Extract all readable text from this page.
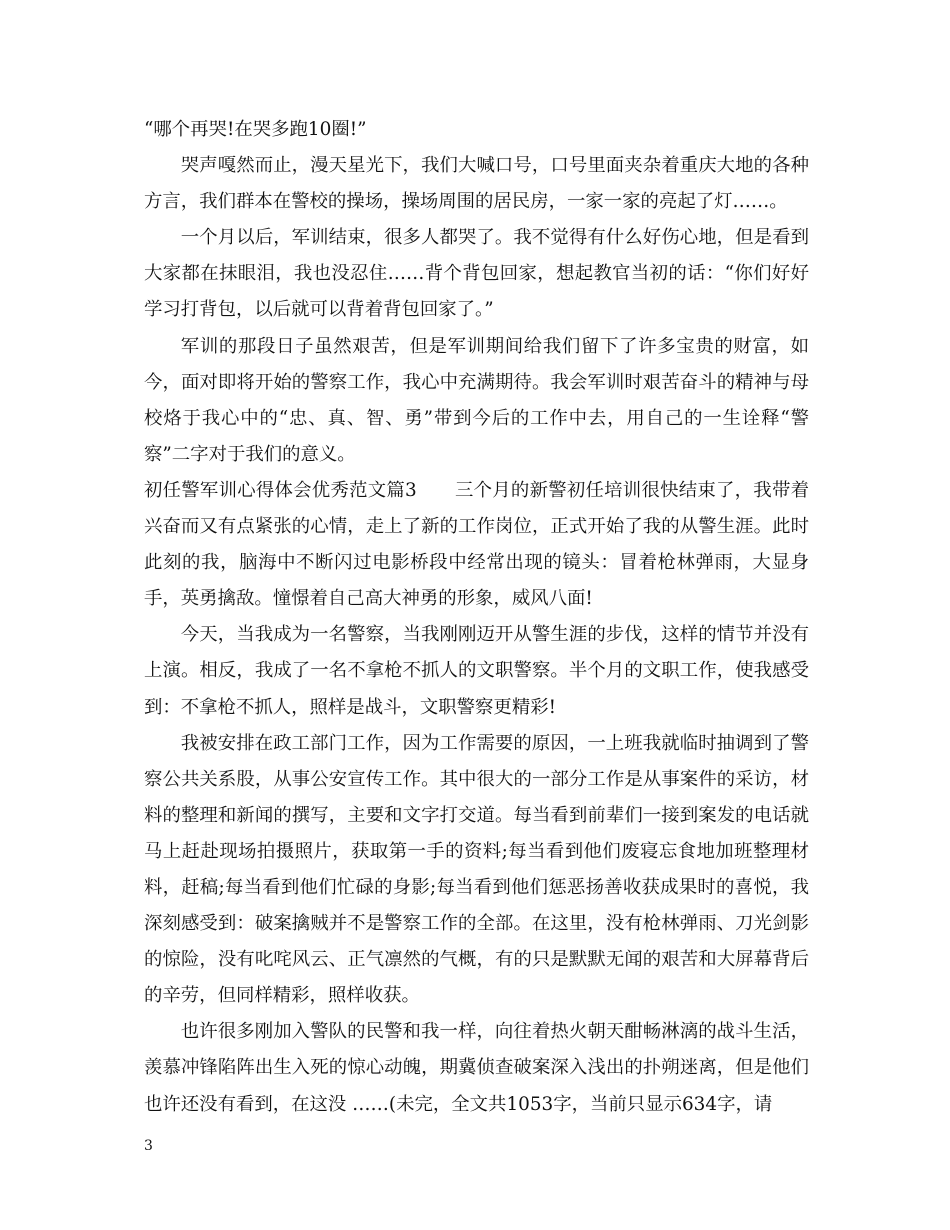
“哪个再哭!在哭多跑10圈!”

哭声嘎然而止，漫天星光下，我们大喊口号，口号里面夹杂着重庆大地的各种方言，我们群本在警校的操场，操场周围的居民房，一家一家的亮起了灯……。

一个月以后，军训结束，很多人都哭了。我不觉得有什么好伤心地，但是看到大家都在抹眼泪，我也没忍住……背个背包回家，想起教官当初的话：“你们好好学习打背包，以后就可以背着背包回家了。”

军训的那段日子虽然艰苦，但是军训期间给我们留下了许多宝贵的财富，如今，面对即将开始的警察工作，我心中充满期待。我会军训时艰苦奋斗的精神与母校烙于我心中的“忠、真、智、勇”带到今后的工作中去，用自己的一生诠释“警察”二字对于我们的意义。

初任警军训心得体会优秀范文篇3 三个月的新警初任培训很快结束了，我带着兴奋而又有点紧张的心情，走上了新的工作岗位，正式开始了我的从警生涯。此时此刻的我，脑海中不断闪过电影桥段中经常出现的镜头：冒着枪林弹雨，大显身手，英勇擒敌。憧憬着自己高大神勇的形象，威风八面!

今天，当我成为一名警察，当我刚刚迈开从警生涯的步伐，这样的情节并没有上演。相反，我成了一名不拿枪不抓人的文职警察。半个月的文职工作，使我感受到：不拿枪不抓人，照样是战斗，文职警察更精彩!

我被安排在政工部门工作，因为工作需要的原因，一上班我就临时抽调到了警察公共关系股，从事公安宣传工作。其中很大的一部分工作是从事案件的采访，材料的整理和新闻的撰写，主要和文字打交道。每当看到前辈们一接到案发的电话就马上赶赴现场拍摄照片，获取第一手的资料;每当看到他们废寝忘食地加班整理材料，赶稿;每当看到他们忙碌的身影;每当看到他们惩恶扬善收获成果时的喜悦，我深刻感受到：破案擒贼并不是警察工作的全部。在这里，没有枪林弹雨、刀光剑影的惊险，没有叱咤风云、正气凛然的气概，有的只是默默无闻的艰苦和大屏幕背后的辛劳，但同样精彩，照样收获。

也许很多刚加入警队的民警和我一样，向往着热火朝天酣畅淋漓的战斗生活，羡慕冲锋陷阵出生入死的惊心动魄，期冀侦查破案深入浅出的扑朔迷离，但是他们也许还没有看到，在这没 ……(未完，全文共1053字，当前只显示634字，请

3
